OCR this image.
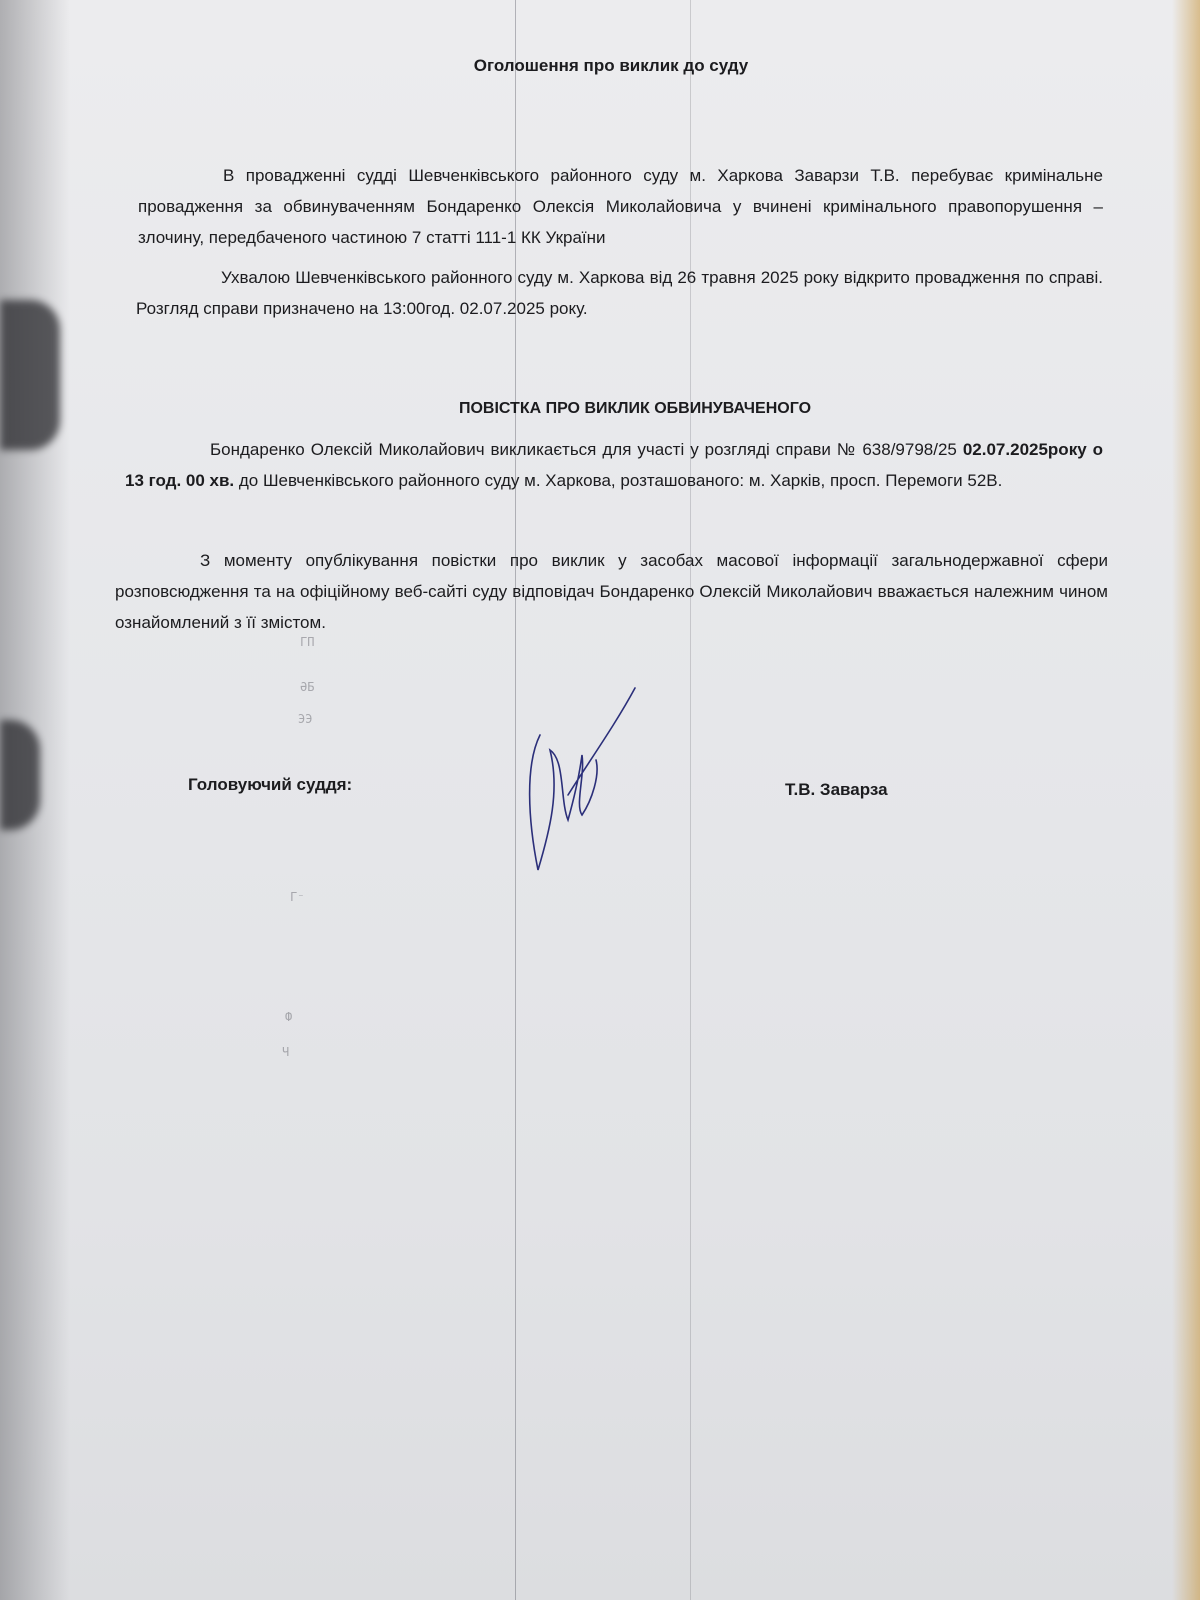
ГП
ӘБ
ЭЭ
Г⁻
Ф
Ч
Оголошення про виклик до суду

В провадженні судді Шевченківського районного суду м. Харкова Заварзи Т.В. перебуває кримінальне провадження за обвинуваченням Бондаренко Олексія Миколайовича у вчинені кримінального правопорушення – злочину, передбаченого частиною 7 статті 111-1 КК України

Ухвалою Шевченківського районного суду м. Харкова від 26 травня 2025 року відкрито провадження по справі. Розгляд справи призначено на 13:00год. 02.07.2025 року.

ПОВІСТКА ПРО ВИКЛИК ОБВИНУВАЧЕНОГО

Бондаренко Олексій Миколайович викликається для участі у розгляді справи № 638/9798/25 02.07.2025року о 13 год. 00 хв. до Шевченківського районного суду м. Харкова, розташованого: м. Харків, просп. Перемоги 52В.

З моменту опублікування повістки про виклик у засобах масової інформації загальнодержавної сфери розповсюдження та на офіційному веб-сайті суду відповідач Бондаренко Олексій Миколайович вважається належним чином ознайомлений з її змістом.

Головуючий суддя:	Т.В. Заварза
